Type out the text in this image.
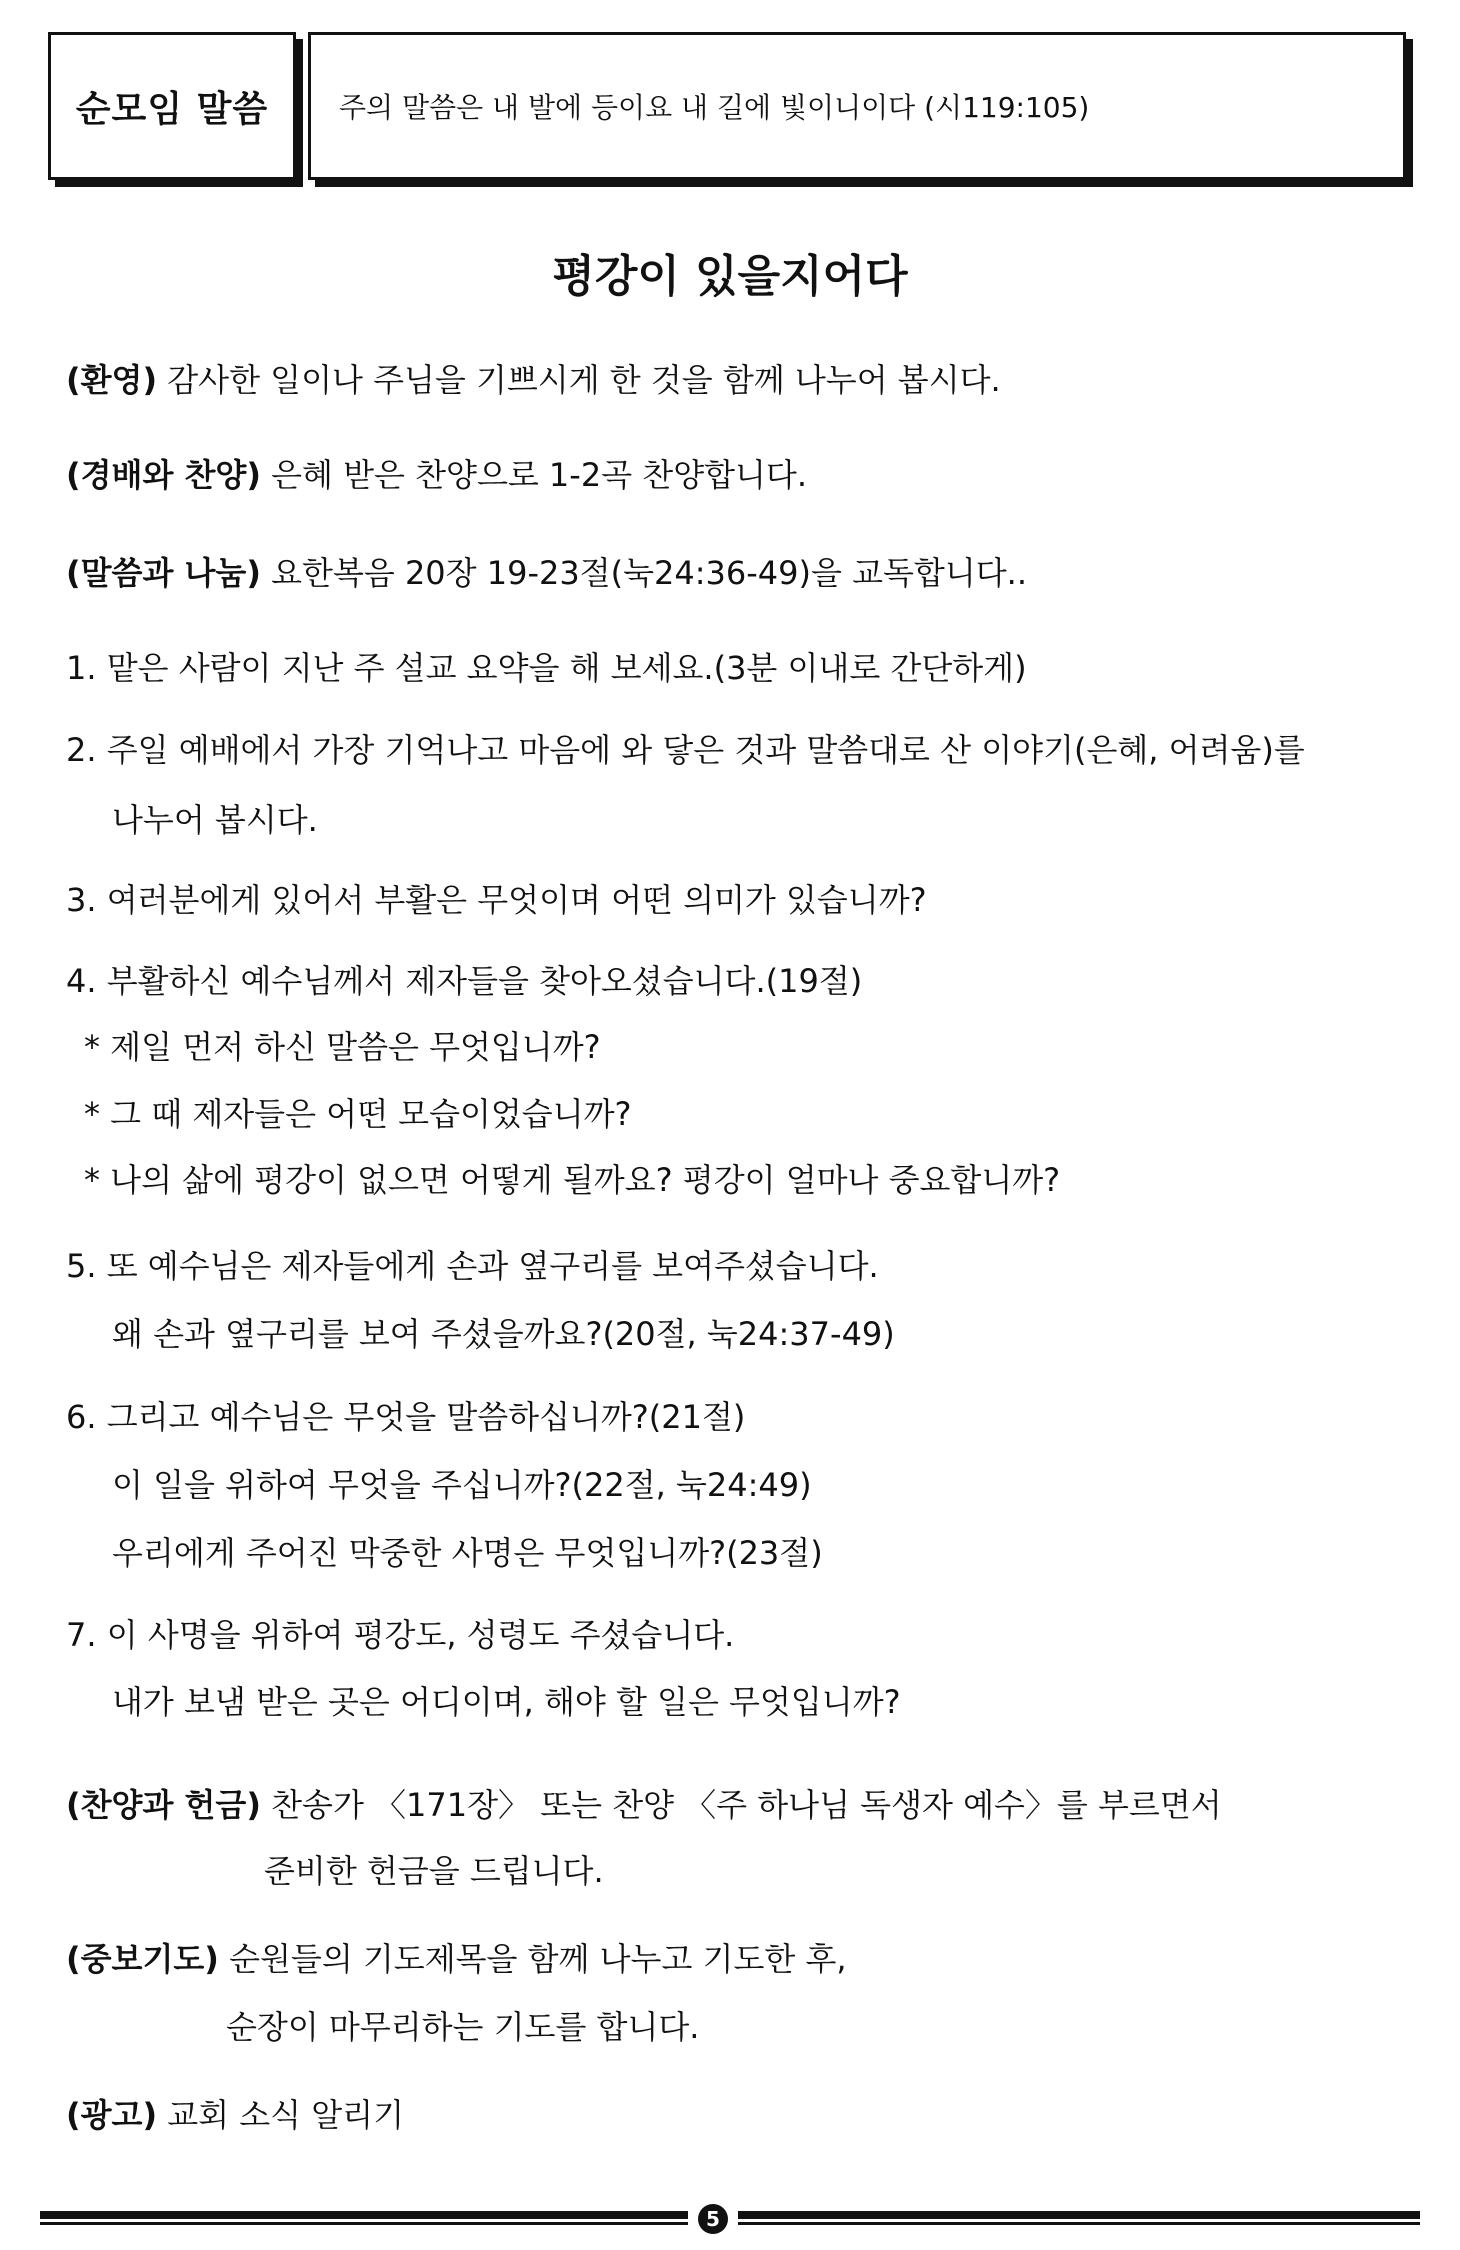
순모임 말씀	주의 말씀은 내 발에 등이요 내 길에 빛이니이다 (시119:105)
평강이 있을지어다
(환영) 감사한 일이나 주님을 기쁘시게 한 것을 함께 나누어 봅시다.
(경배와 찬양) 은혜 받은 찬양으로 1-2곡 찬양합니다.
(말씀과 나눔) 요한복음 20장 19-23절(눅24:36-49)을 교독합니다..
1. 맡은 사람이 지난 주 설교 요약을 해 보세요.(3분 이내로 간단하게)
2. 주일 예배에서 가장 기억나고 마음에 와 닿은 것과 말씀대로 산 이야기(은혜, 어려움)를
나누어 봅시다.
3. 여러분에게 있어서 부활은 무엇이며 어떤 의미가 있습니까?
4. 부활하신 예수님께서 제자들을 찾아오셨습니다.(19절)
* 제일 먼저 하신 말씀은 무엇입니까?
* 그 때 제자들은 어떤 모습이었습니까?
* 나의 삶에 평강이 없으면 어떻게 될까요? 평강이 얼마나 중요합니까?
5. 또 예수님은 제자들에게 손과 옆구리를 보여주셨습니다.
왜 손과 옆구리를 보여 주셨을까요?(20절, 눅24:37-49)
6. 그리고 예수님은 무엇을 말씀하십니까?(21절)
이 일을 위하여 무엇을 주십니까?(22절, 눅24:49)
우리에게 주어진 막중한 사명은 무엇입니까?(23절)
7. 이 사명을 위하여 평강도, 성령도 주셨습니다.
내가 보냄 받은 곳은 어디이며, 해야 할 일은 무엇입니까?
(찬양과 헌금) 찬송가 〈171장〉 또는 찬양 〈주 하나님 독생자 예수〉를 부르면서
준비한 헌금을 드립니다.
(중보기도) 순원들의 기도제목을 함께 나누고 기도한 후,
순장이 마무리하는 기도를 합니다.
(광고) 교회 소식 알리기
5
